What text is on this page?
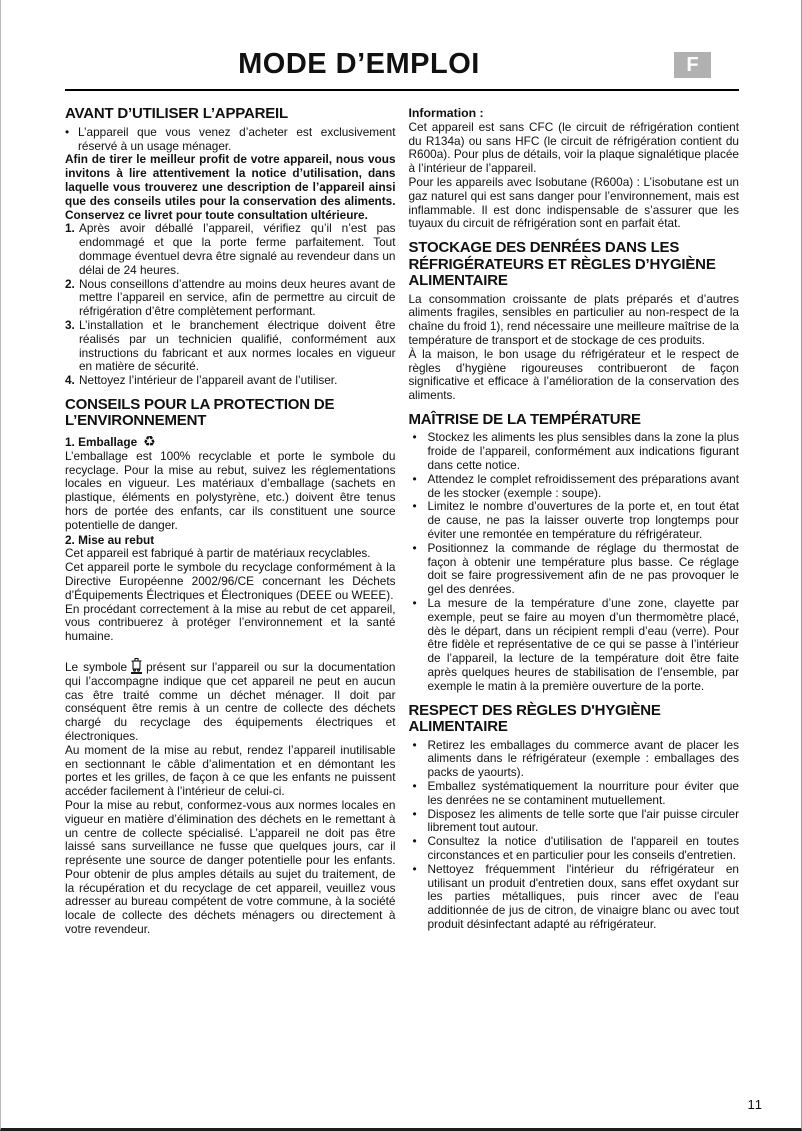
MODE D’EMPLOI	F
AVANT D’UTILISER L’APPAREIL
• L’appareil que vous venez d’acheter est exclusivement réservé à un usage ménager.

Afin de tirer le meilleur profit de votre appareil, nous vous invitons à lire attentivement la notice d’utilisation, dans laquelle vous trouverez une description de l’appareil ainsi que des conseils utiles pour la conservation des aliments. Conservez ce livret pour toute consultation ultérieure.

1. Après avoir déballé l’appareil, vérifiez qu’il n’est pas endommagé et que la porte ferme parfaitement. Tout dommage éventuel devra être signalé au revendeur dans un délai de 24 heures.

2. Nous conseillons d’attendre au moins deux heures avant de mettre l’appareil en service, afin de permettre au circuit de réfrigération d’être complètement performant.

3. L’installation et le branchement électrique doivent être réalisés par un technicien qualifié, conformément aux instructions du fabricant et aux normes locales en vigueur en matière de sécurité.

4. Nettoyez l’intérieur de l’appareil avant de l’utiliser.

CONSEILS POUR LA PROTECTION DE L’ENVIRONNEMENT

1. Emballage ♻

L’emballage est 100% recyclable et porte le symbole du recyclage. Pour la mise au rebut, suivez les réglementations locales en vigueur. Les matériaux d’emballage (sachets en plastique, éléments en polystyrène, etc.) doivent être tenus hors de portée des enfants, car ils constituent une source potentielle de danger.

2. Mise au rebut

Cet appareil est fabriqué à partir de matériaux recyclables.

Cet appareil porte le symbole du recyclage conformément à la Directive Européenne 2002/96/CE concernant les Déchets d’Équipements Électriques et Électroniques (DEEE ou WEEE).

En procédant correctement à la mise au rebut de cet appareil, vous contribuerez à protéger l’environnement et la santé humaine.

Le symbole présent sur l’appareil ou sur la documentation qui l’accompagne indique que cet appareil ne peut en aucun cas être traité comme un déchet ménager. Il doit par conséquent être remis à un centre de collecte des déchets chargé du recyclage des équipements électriques et électroniques.

Au moment de la mise au rebut, rendez l’appareil inutilisable en sectionnant le câble d’alimentation et en démontant les portes et les grilles, de façon à ce que les enfants ne puissent accéder facilement à l’intérieur de celui-ci.

Pour la mise au rebut, conformez-vous aux normes locales en vigueur en matière d’élimination des déchets en le remettant à un centre de collecte spécialisé. L’appareil ne doit pas être laissé sans surveillance ne fusse que quelques jours, car il représente une source de danger potentielle pour les enfants. Pour obtenir de plus amples détails au sujet du traitement, de la récupération et du recyclage de cet appareil, veuillez vous adresser au bureau compétent de votre commune, à la société locale de collecte des déchets ménagers ou directement à votre revendeur.

Information :

Cet appareil est sans CFC (le circuit de réfrigération contient du R134a) ou sans HFC (le circuit de réfrigération contient du R600a). Pour plus de détails, voir la plaque signalétique placée à l’intérieur de l’appareil.

Pour les appareils avec Isobutane (R600a) : L’isobutane est un gaz naturel qui est sans danger pour l’environnement, mais est inflammable. Il est donc indispensable de s’assurer que les tuyaux du circuit de réfrigération sont en parfait état.

STOCKAGE DES DENRÉES DANS LES RÉFRIGÉRATEURS ET RÈGLES D’HYGIÈNE ALIMENTAIRE

La consommation croissante de plats préparés et d’autres aliments fragiles, sensibles en particulier au non-respect de la chaîne du froid 1), rend nécessaire une meilleure maîtrise de la température de transport et de stockage de ces produits.

À la maison, le bon usage du réfrigérateur et le respect de règles d’hygiène rigoureuses contribueront de façon significative et efficace à l’amélioration de la conservation des aliments.

MAÎTRISE DE LA TEMPÉRATURE
• Stockez les aliments les plus sensibles dans la zone la plus froide de l’appareil, conformément aux indications figurant dans cette notice.

• Attendez le complet refroidissement des préparations avant de les stocker (exemple : soupe).

• Limitez le nombre d’ouvertures de la porte et, en tout état de cause, ne pas la laisser ouverte trop longtemps pour éviter une remontée en température du réfrigérateur.

• Positionnez la commande de réglage du thermostat de façon à obtenir une température plus basse. Ce réglage doit se faire progressivement afin de ne pas provoquer le gel des denrées.

• La mesure de la température d’une zone, clayette par exemple, peut se faire au moyen d’un thermomètre placé, dès le départ, dans un récipient rempli d’eau (verre). Pour être fidèle et représentative de ce qui se passe à l’intérieur de l’appareil, la lecture de la température doit être faite après quelques heures de stabilisation de l’ensemble, par exemple le matin à la première ouverture de la porte.

RESPECT DES RÈGLES D'HYGIÈNE ALIMENTAIRE
• Retirez les emballages du commerce avant de placer les aliments dans le réfrigérateur (exemple : emballages des packs de yaourts).

• Emballez systématiquement la nourriture pour éviter que les denrées ne se contaminent mutuellement.

• Disposez les aliments de telle sorte que l'air puisse circuler librement tout autour.

• Consultez la notice d'utilisation de l'appareil en toutes circonstances et en particulier pour les conseils d'entretien.

• Nettoyez fréquemment l'intérieur du réfrigérateur en utilisant un produit d'entretien doux, sans effet oxydant sur les parties métalliques, puis rincer avec de l'eau additionnée de jus de citron, de vinaigre blanc ou avec tout produit désinfectant adapté au réfrigérateur.

11
